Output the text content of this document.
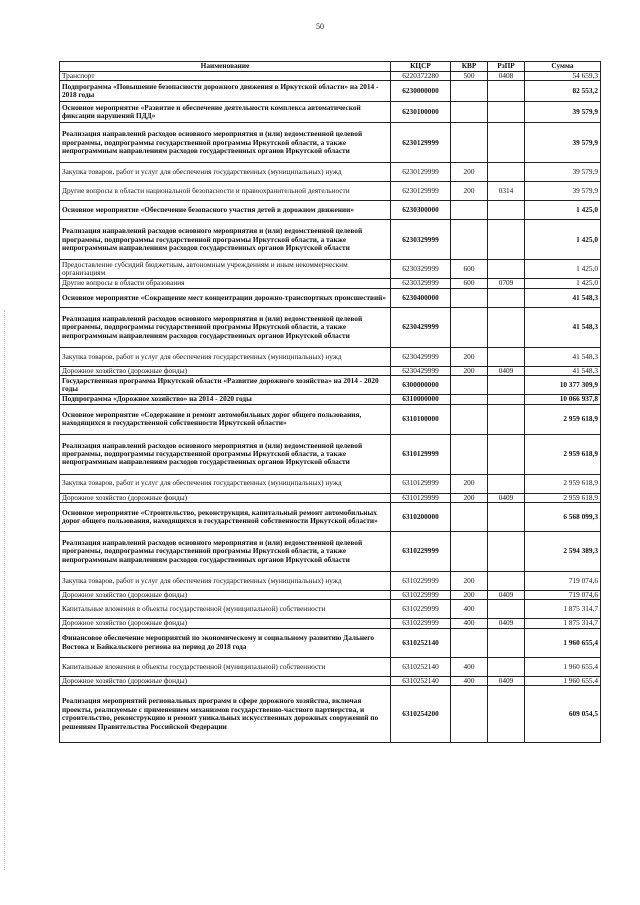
50
Наименование	КЦСР	КВР	РзПР	Сумма
Транспорт	6220372280	500	0408	54 659,3
Подпрограмма «Повышение безопасности дорожного движения в Иркутской области» на 2014 - 2018 годы	6230000000			82 553,2
Основное мероприятие «Развитие и обеспечение деятельности комплекса автоматической фиксации нарушений ПДД»	6230100000			39 579,9
Реализация направлений расходов основного мероприятия и (или) ведомственной целевой программы, подпрограммы государственной программы Иркутской области, а также непрограммным направлениям расходов государственных органов Иркутской области	6230129999			39 579,9
Закупка товаров, работ и услуг для обеспечения государственных (муниципальных) нужд	6230129999	200		39 579,9
Другие вопросы в области национальной безопасности и правоохранительной деятельности	6230129999	200	0314	39 579,9
Основное мероприятие «Обеспечение безопасного участия детей в дорожном движении»	6230300000			1 425,0
Реализация направлений расходов основного мероприятия и (или) ведомственной целевой программы, подпрограммы государственной программы Иркутской области, а также непрограммным направлениям расходов государственных органов Иркутской области	6230329999			1 425,0
Предоставление субсидий бюджетным, автономным учреждениям и иным некоммерческим организациям	6230329999	600		1 425,0
Другие вопросы в области образования	6230329999	600	0709	1 425,0
Основное мероприятие «Сокращение мест концентрации дорожно-транспортных происшествий»	6230400000			41 548,3
Реализация направлений расходов основного мероприятия и (или) ведомственной целевой программы, подпрограммы государственной программы Иркутской области, а также непрограммным направлениям расходов государственных органов Иркутской области	6230429999			41 548,3
Закупка товаров, работ и услуг для обеспечения государственных (муниципальных) нужд	6230429999	200		41 548,3
Дорожное хозяйство (дорожные фонды)	6230429999	200	0409	41 548,3
Государственная программа Иркутской области «Развитие дорожного хозяйства» на 2014 - 2020 годы	6300000000			10 377 309,9
Подпрограмма «Дорожное хозяйство» на 2014 - 2020 годы	6310000000			10 066 937,8
Основное мероприятие «Содержание и ремонт автомобильных дорог общего пользования, находящихся в государственной собственности Иркутской области»	6310100000			2 959 618,9
Реализация направлений расходов основного мероприятия и (или) ведомственной целевой программы, подпрограммы государственной программы Иркутской области, а также непрограммным направлениям расходов государственных органов Иркутской области	6310129999			2 959 618,9
Закупка товаров, работ и услуг для обеспечения государственных (муниципальных) нужд	6310129999	200		2 959 618,9
Дорожное хозяйство (дорожные фонды)	6310129999	200	0409	2 959 618,9
Основное мероприятие «Строительство, реконструкция, капитальный ремонт автомобильных дорог общего пользования, находящихся в государственной собственности Иркутской области»	6310200000			6 568 099,3
Реализация направлений расходов основного мероприятия и (или) ведомственной целевой программы, подпрограммы государственной программы Иркутской области, а также непрограммным направлениям расходов государственных органов Иркутской области	6310229999			2 594 389,3
Закупка товаров, работ и услуг для обеспечения государственных (муниципальных) нужд	6310229999	200		719 074,6
Дорожное хозяйство (дорожные фонды)	6310229999	200	0409	719 074,6
Капитальные вложения в объекты государственной (муниципальной) собственности	6310229999	400		1 875 314,7
Дорожное хозяйство (дорожные фонды)	6310229999	400	0409	1 875 314,7
Финансовое обеспечение мероприятий по экономическому и социальному развитию Дальнего Востока и Байкальского региона на период до 2018 года	6310252140			1 960 655,4
Капитальные вложения в объекты государственной (муниципальной) собственности	6310252140	400		1 960 655,4
Дорожное хозяйство (дорожные фонды)	6310252140	400	0409	1 960 655,4
Реализация мероприятий региональных программ в сфере дорожного хозяйства, включая проекты, реализуемые с применением механизмов государственно-частного партнерства, и строительство, реконструкцию и ремонт уникальных искусственных дорожных сооружений по решениям Правительства Российской Федерации	6310254200			609 054,5
